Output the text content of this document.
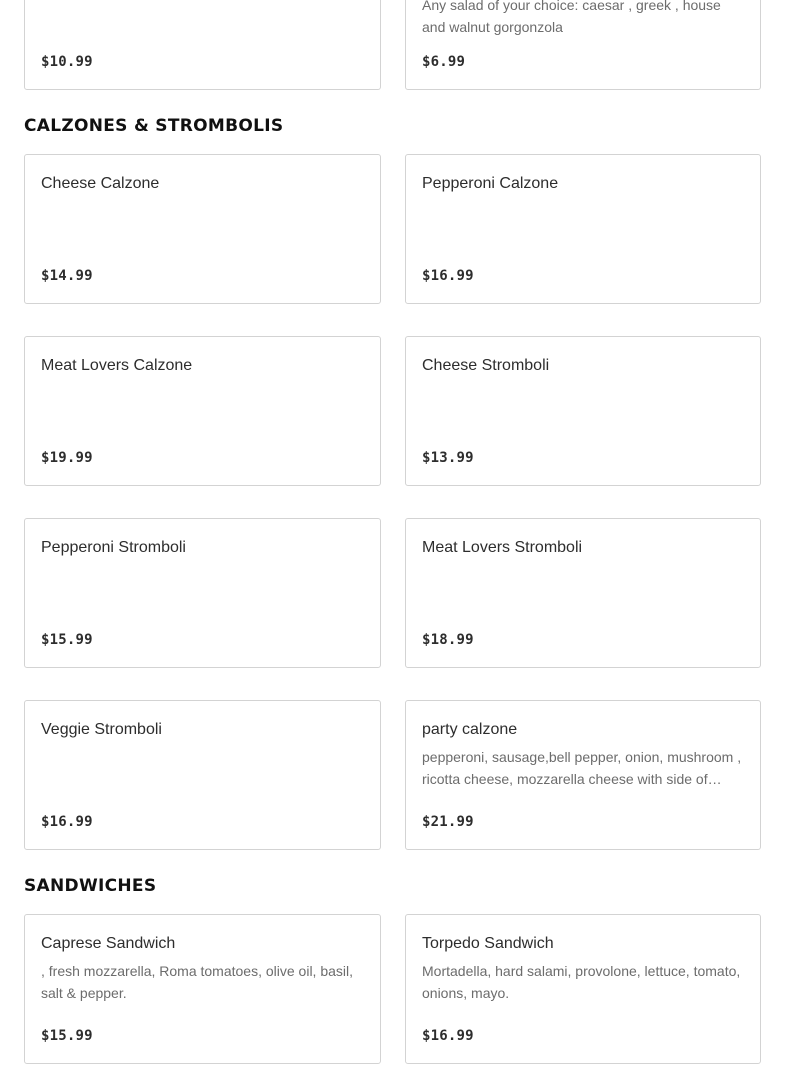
$10.99
Any salad of your choice: caesar , greek , house and walnut gorgonzola
$6.99
CALZONES & STROMBOLIS
Cheese Calzone
$14.99
Pepperoni Calzone
$16.99
Meat Lovers Calzone
$19.99
Cheese Stromboli
$13.99
Pepperoni Stromboli
$15.99
Meat Lovers Stromboli
$18.99
Veggie Stromboli
$16.99
party calzone
pepperoni, sausage,bell pepper, onion, mushroom , ricotta cheese, mozzarella cheese with side of…
$21.99
SANDWICHES
Caprese Sandwich
, fresh mozzarella, Roma tomatoes, olive oil, basil, salt & pepper.
$15.99
Torpedo Sandwich
Mortadella, hard salami, provolone, lettuce, tomato, onions, mayo.
$16.99
